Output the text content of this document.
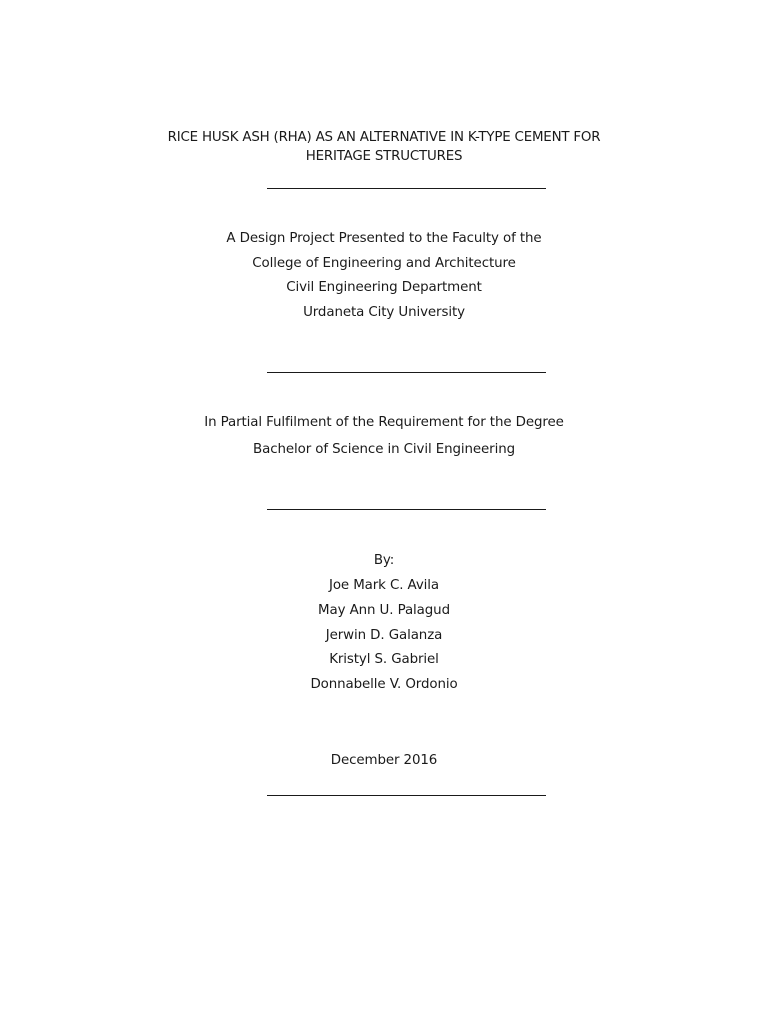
RICE HUSK ASH (RHA) AS AN ALTERNATIVE IN K-TYPE CEMENT FOR
HERITAGE STRUCTURES
A Design Project Presented to the Faculty of the
College of Engineering and Architecture
Civil Engineering Department
Urdaneta City University
In Partial Fulfilment of the Requirement for the Degree
Bachelor of Science in Civil Engineering
By:
Joe Mark C. Avila
May Ann U. Palagud
Jerwin D. Galanza
Kristyl S. Gabriel
Donnabelle V. Ordonio
December 2016
